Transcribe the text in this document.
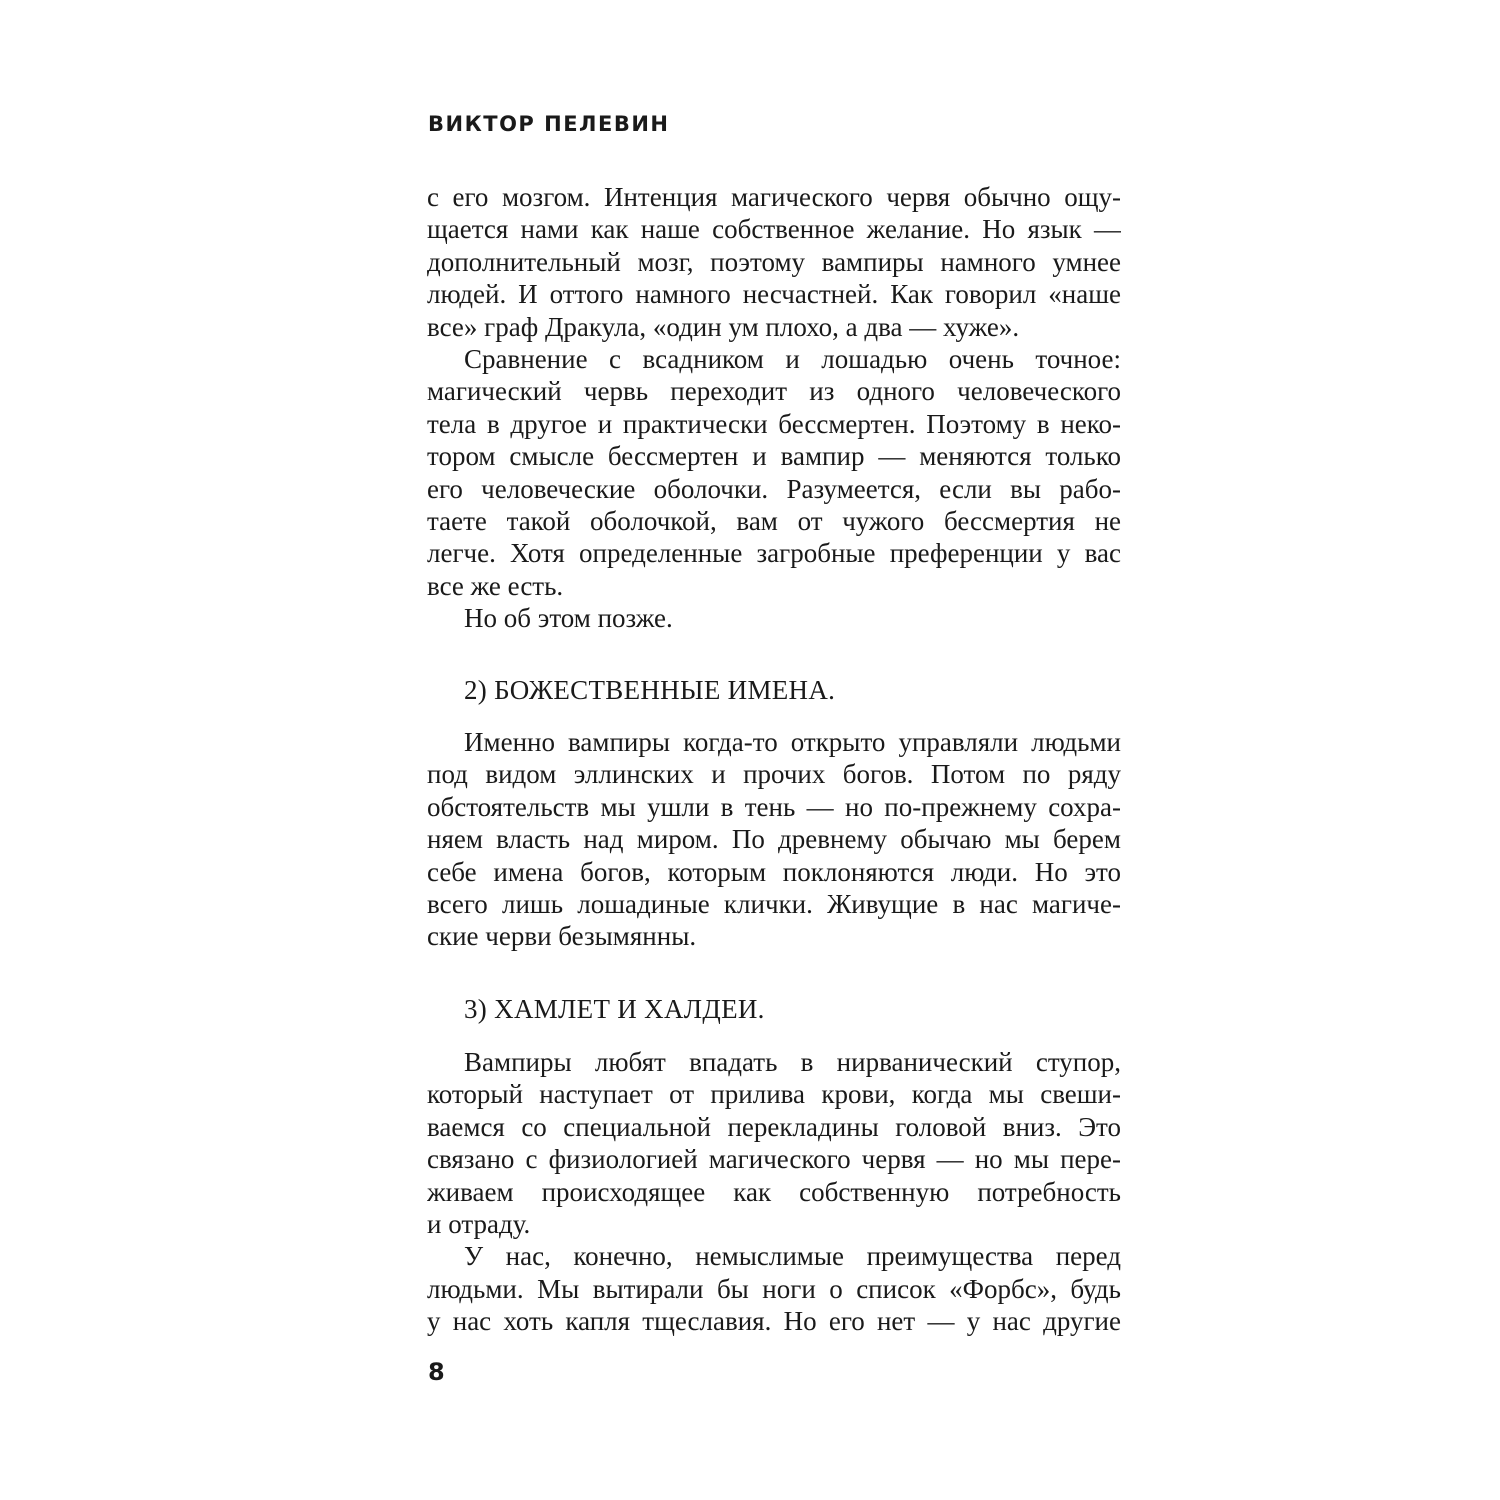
ВИКТОР ПЕЛЕВИН
с его мозгом. Интенция магического червя обычно ощу-
щается нами как наше собственное желание. Но язык —
дополнительный мозг, поэтому вампиры намного умнее
людей. И оттого намного несчастней. Как говорил «наше
все» граф Дракула, «один ум плохо, а два — хуже».
Сравнение с всадником и лошадью очень точное:
магический червь переходит из одного человеческого
тела в другое и практически бессмертен. Поэтому в неко-
тором смысле бессмертен и вампир — меняются только
его человеческие оболочки. Разумеется, если вы рабо-
таете такой оболочкой, вам от чужого бессмертия не
легче. Хотя определенные загробные преференции у вас
все же есть.
Но об этом позже.
2) БОЖЕСТВЕННЫЕ ИМЕНА.
Именно вампиры когда-то открыто управляли людьми
под видом эллинских и прочих богов. Потом по ряду
обстоятельств мы ушли в тень — но по-прежнему сохра-
няем власть над миром. По древнему обычаю мы берем
себе имена богов, которым поклоняются люди. Но это
всего лишь лошадиные клички. Живущие в нас магиче-
ские черви безымянны.
3) ХАМЛЕТ И ХАЛДЕИ.
Вампиры любят впадать в нирванический ступор,
который наступает от прилива крови, когда мы свеши-
ваемся со специальной перекладины головой вниз. Это
связано с физиологией магического червя — но мы пере-
живаем происходящее как собственную потребность
и отраду.
У нас, конечно, немыслимые преимущества перед
людьми. Мы вытирали бы ноги о список «Форбс», будь
у нас хоть капля тщеславия. Но его нет — у нас другие
8
